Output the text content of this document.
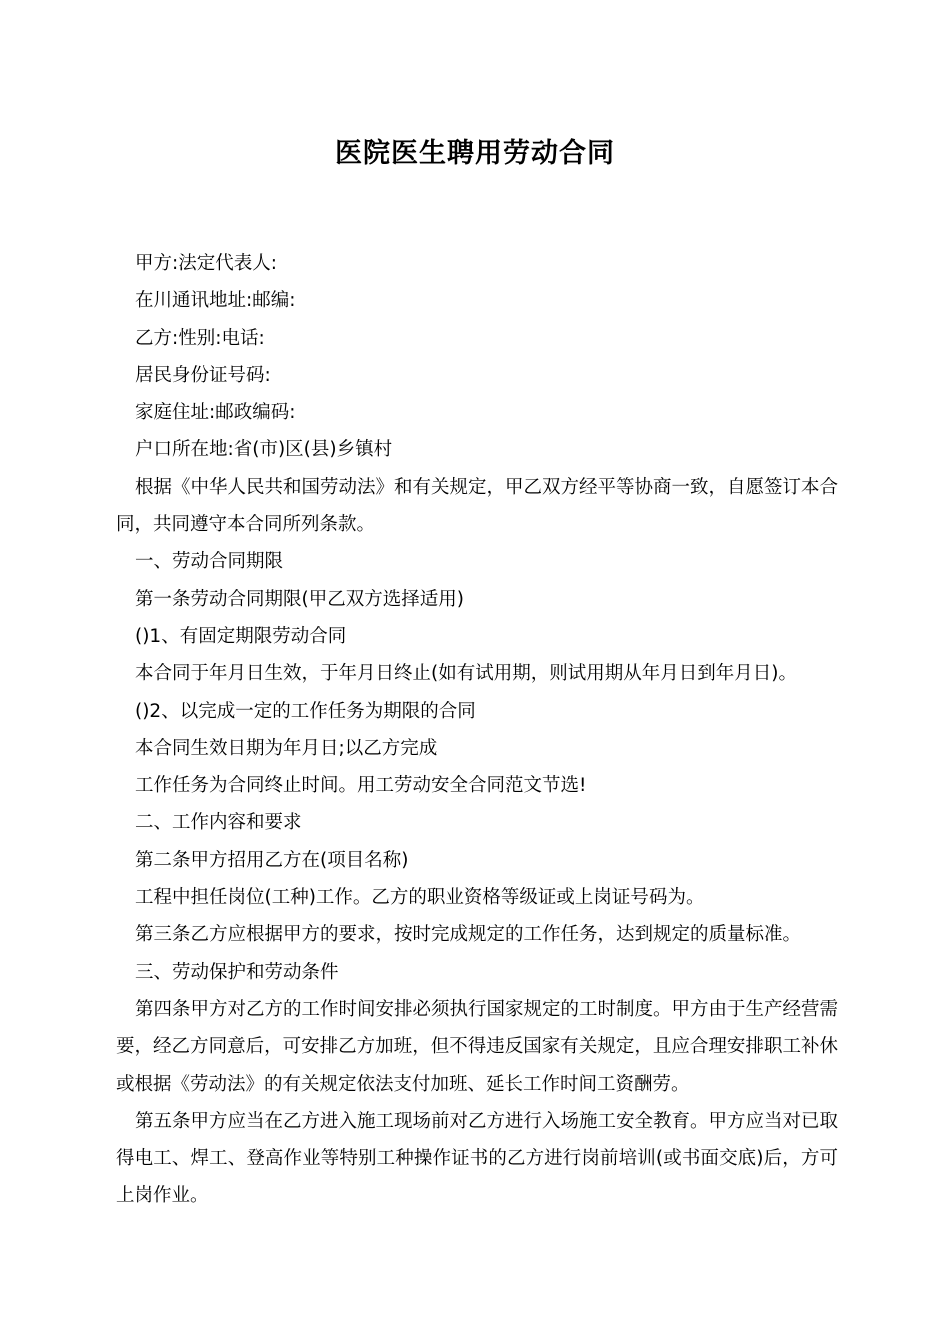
医院医生聘用劳动合同

甲方:法定代表人:

在川通讯地址:邮编:

乙方:性别:电话:

居民身份证号码:

家庭住址:邮政编码:

户口所在地:省(市)区(县)乡镇村

根据《中华人民共和国劳动法》和有关规定，甲乙双方经平等协商一致，自愿签订本合同，共同遵守本合同所列条款。

一、劳动合同期限

第一条劳动合同期限(甲乙双方选择适用)

()1、有固定期限劳动合同

本合同于年月日生效，于年月日终止(如有试用期，则试用期从年月日到年月日)。

()2、以完成一定的工作任务为期限的合同

本合同生效日期为年月日;以乙方完成

工作任务为合同终止时间。用工劳动安全合同范文节选!

二、工作内容和要求

第二条甲方招用乙方在(项目名称)

工程中担任岗位(工种)工作。乙方的职业资格等级证或上岗证号码为。

第三条乙方应根据甲方的要求，按时完成规定的工作任务，达到规定的质量标准。

三、劳动保护和劳动条件

第四条甲方对乙方的工作时间安排必须执行国家规定的工时制度。甲方由于生产经营需要，经乙方同意后，可安排乙方加班，但不得违反国家有关规定，且应合理安排职工补休或根据《劳动法》的有关规定依法支付加班、延长工作时间工资酬劳。

第五条甲方应当在乙方进入施工现场前对乙方进行入场施工安全教育。甲方应当对已取得电工、焊工、登高作业等特别工种操作证书的乙方进行岗前培训(或书面交底)后，方可上岗作业。
